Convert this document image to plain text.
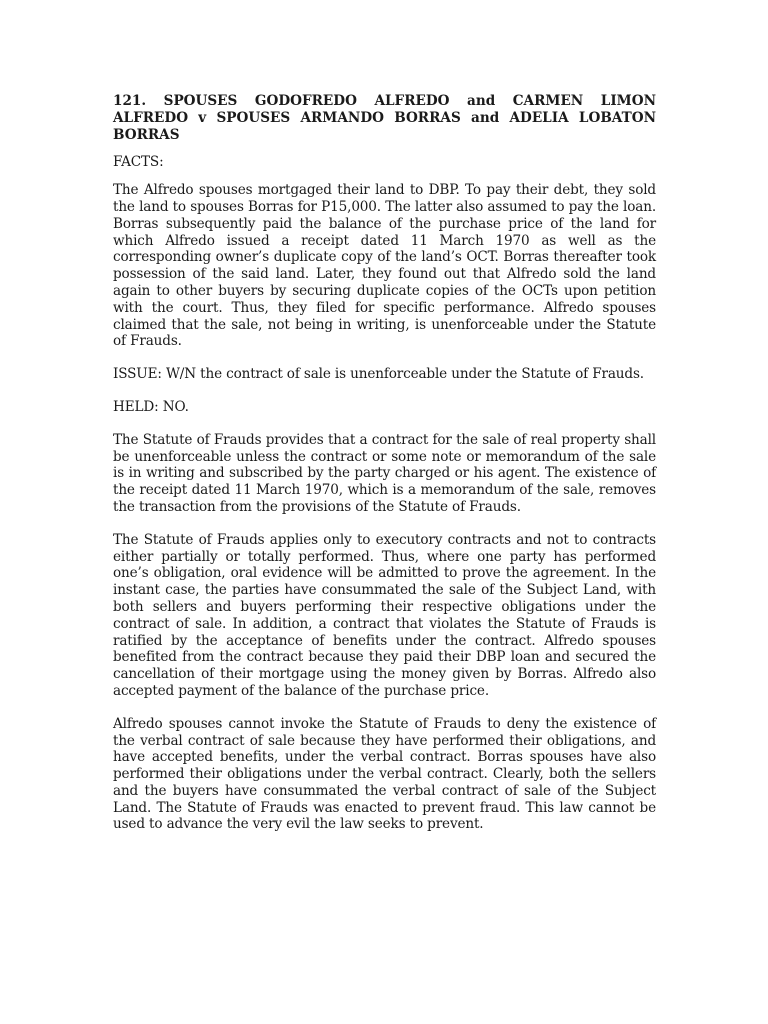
121. SPOUSES GODOFREDO ALFREDO and CARMEN LIMON ALFREDO v SPOUSES ARMANDO BORRAS and ADELIA LOBATON BORRAS

FACTS:

The Alfredo spouses mortgaged their land to DBP. To pay their debt, they sold the land to spouses Borras for P15,000. The latter also assumed to pay the loan. Borras subsequently paid the balance of the purchase price of the land for which Alfredo issued a receipt dated 11 March 1970 as well as the corresponding owner’s duplicate copy of the land’s OCT. Borras thereafter took possession of the said land. Later, they found out that Alfredo sold the land again to other buyers by securing duplicate copies of the OCTs upon petition with the court. Thus, they filed for specific performance. Alfredo spouses claimed that the sale, not being in writing, is unenforceable under the Statute of Frauds.

ISSUE: W/N the contract of sale is unenforceable under the Statute of Frauds.

HELD: NO.

The Statute of Frauds provides that a contract for the sale of real property shall be unenforceable unless the contract or some note or memorandum of the sale is in writing and subscribed by the party charged or his agent. The existence of the receipt dated 11 March 1970, which is a memorandum of the sale, removes the transaction from the provisions of the Statute of Frauds.

The Statute of Frauds applies only to executory contracts and not to contracts either partially or totally performed. Thus, where one party has performed one’s obligation, oral evidence will be admitted to prove the agreement. In the instant case, the parties have consummated the sale of the Subject Land, with both sellers and buyers performing their respective obligations under the contract of sale. In addition, a contract that violates the Statute of Frauds is ratified by the acceptance of benefits under the contract. Alfredo spouses benefited from the contract because they paid their DBP loan and secured the cancellation of their mortgage using the money given by Borras. Alfredo also accepted payment of the balance of the purchase price.

Alfredo spouses cannot invoke the Statute of Frauds to deny the existence of the verbal contract of sale because they have performed their obligations, and have accepted benefits, under the verbal contract. Borras spouses have also performed their obligations under the verbal contract. Clearly, both the sellers and the buyers have consummated the verbal contract of sale of the Subject Land. The Statute of Frauds was enacted to prevent fraud. This law cannot be used to advance the very evil the law seeks to prevent.
